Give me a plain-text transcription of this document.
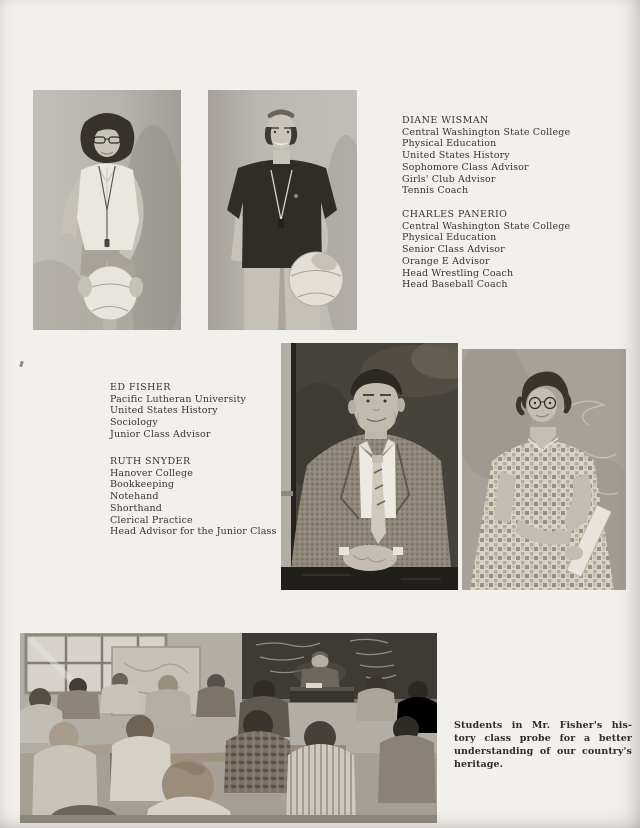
DIANE WISMAN
Central Washington State College
Physical Education
United States History
Sophomore Class Advisor
Girls' Club Advisor
Tennis Coach
CHARLES PANERIO
Central Washington State College
Physical Education
Senior Class Advisor
Orange E Advisor
Head Wrestling Coach
Head Baseball Coach
ED FISHER
Pacific Lutheran University
United States History
Sociology
Junior Class Advisor
RUTH SNYDER
Hanover College
Bookkeeping
Notehand
Shorthand
Clerical Practice
Head Advisor for the Junior Class
Students in Mr. Fisher's his-
tory class probe for a better
understanding of our country's
heritage.
